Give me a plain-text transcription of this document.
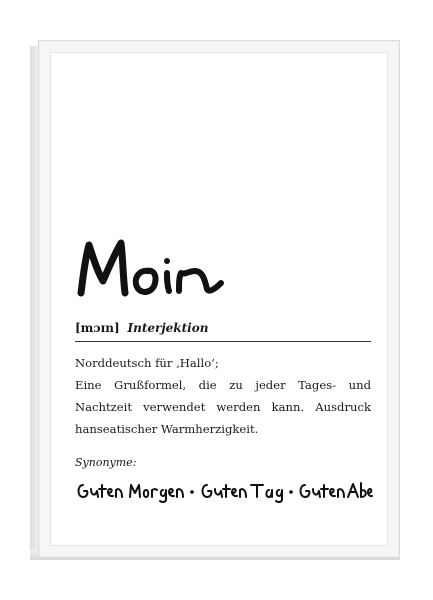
[mɔɪn] Interjektion
Norddeutsch für ‚Hallo‘;
Eine Grußformel, die zu jeder Tages- und
Nachtzeit verwendet werden kann. Ausdruck
hanseatischer Warmherzigkeit.
Synonyme:
